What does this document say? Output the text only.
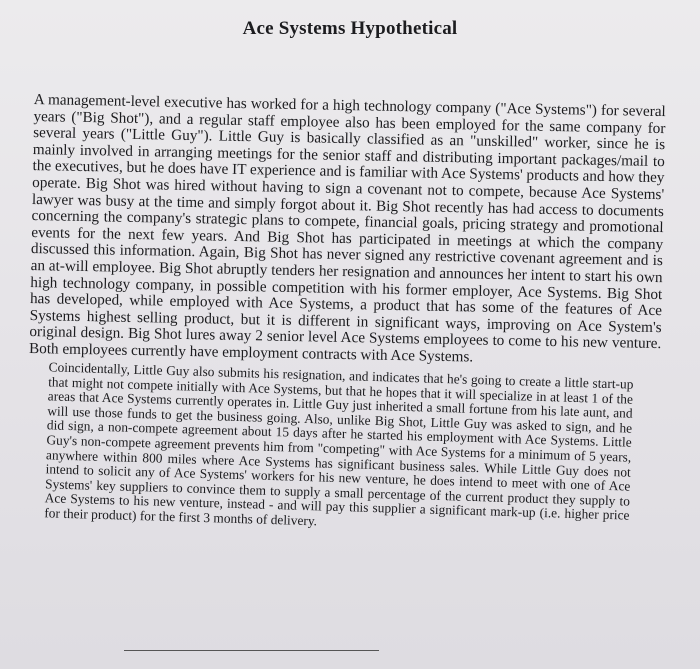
Ace Systems Hypothetical

A management-level executive has worked for a high technology company ("Ace Systems") for several years ("Big Shot"), and a regular staff employee also has been employed for the same company for several years ("Little Guy"). Little Guy is basically classified as an "unskilled" worker, since he is mainly involved in arranging meetings for the senior staff and distributing important packages/mail to the executives, but he does have IT experience and is familiar with Ace Systems' products and how they operate. Big Shot was hired without having to sign a covenant not to compete, because Ace Systems' lawyer was busy at the time and simply forgot about it. Big Shot recently has had access to documents concerning the company's strategic plans to compete, financial goals, pricing strategy and promotional events for the next few years. And Big Shot has participated in meetings at which the company discussed this information. Again, Big Shot has never signed any restrictive covenant agreement and is an at-will employee. Big Shot abruptly tenders her resignation and announces her intent to start his own high technology company, in possible competition with his former employer, Ace Systems. Big Shot has developed, while employed with Ace Systems, a product that has some of the features of Ace Systems highest selling product, but it is different in significant ways, improving on Ace System's original design. Big Shot lures away 2 senior level Ace Systems employees to come to his new venture. Both employees currently have employment contracts with Ace Systems.

Coincidentally, Little Guy also submits his resignation, and indicates that he's going to create a little start-up that might not compete initially with Ace Systems, but that he hopes that it will specialize in at least 1 of the areas that Ace Systems currently operates in. Little Guy just inherited a small fortune from his late aunt, and will use those funds to get the business going. Also, unlike Big Shot, Little Guy was asked to sign, and he did sign, a non-compete agreement about 15 days after he started his employment with Ace Systems. Little Guy's non-compete agreement prevents him from "competing" with Ace Systems for a minimum of 5 years, anywhere within 800 miles where Ace Systems has significant business sales. While Little Guy does not intend to solicit any of Ace Systems' workers for his new venture, he does intend to meet with one of Ace Systems' key suppliers to convince them to supply a small percentage of the current product they supply to Ace Systems to his new venture, instead - and will pay this supplier a significant mark-up (i.e. higher price for their product) for the first 3 months of delivery.
